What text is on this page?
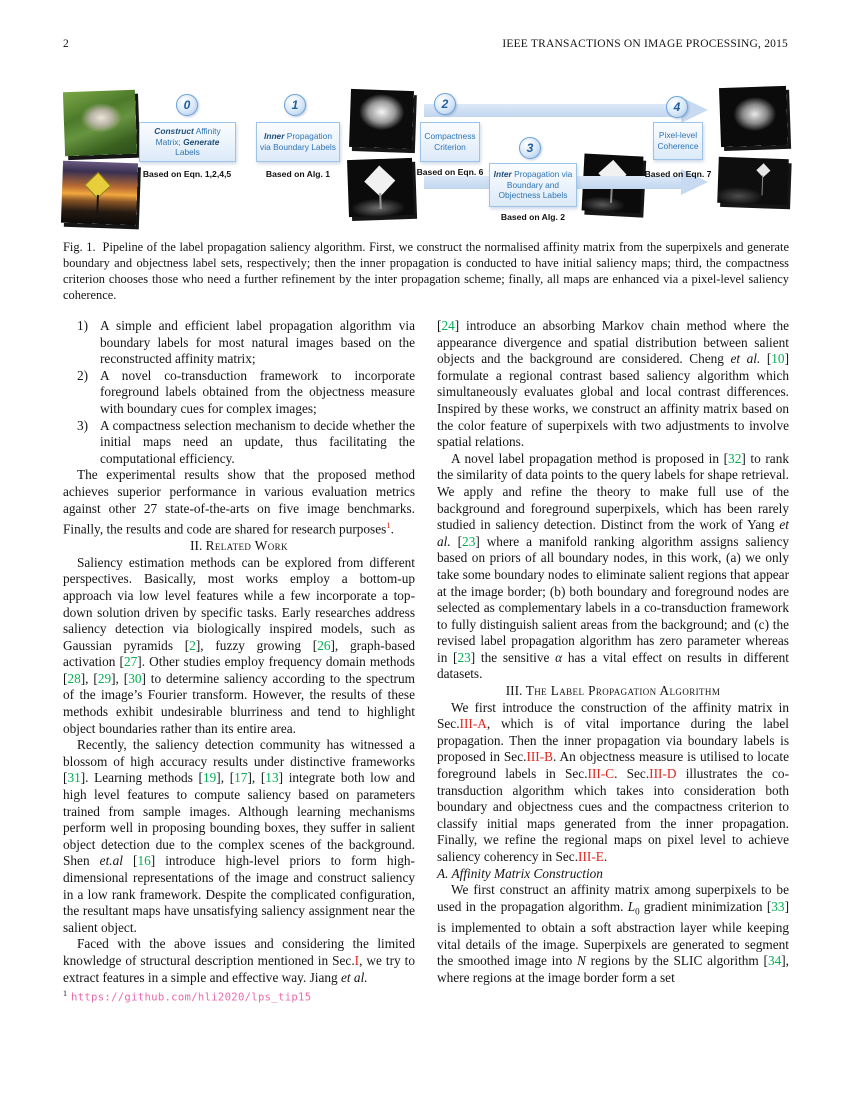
2	IEEE TRANSACTIONS ON IMAGE PROCESSING, 2015
0
Construct Affinity Matrix; Generate Labels
Based on Eqn. 1,2,4,5
1
Inner Propagation via Boundary Labels
Based on Alg. 1
2
Compactness Criterion
Based on Eqn. 6
3
Inter Propagation via Boundary and Objectness Labels
Based on Alg. 2
4
Pixel-level Coherence
Based on Eqn. 7

Fig. 1. Pipeline of the label propagation saliency algorithm. First, we construct the normalised affinity matrix from the superpixels and generate boundary and objectness label sets, respectively; then the inner propagation is conducted to have initial saliency maps; third, the compactness criterion chooses those who need a further refinement by the inter propagation scheme; finally, all maps are enhanced via a pixel-level saliency coherence.

1) A simple and efficient label propagation algorithm via boundary labels for most natural images based on the reconstructed affinity matrix;
2) A novel co-transduction framework to incorporate foreground labels obtained from the objectness measure with boundary cues for complex images;
3) A compactness selection mechanism to decide whether the initial maps need an update, thus facilitating the computational efficiency.

The experimental results show that the proposed method achieves superior performance in various evaluation metrics against other 27 state-of-the-arts on five image benchmarks. Finally, the results and code are shared for research purposes$^1$.

II. Related Work

Saliency estimation methods can be explored from different perspectives. Basically, most works employ a bottom-up approach via low level features while a few incorporate a top-down solution driven by specific tasks. Early researches address saliency detection via biologically inspired models, such as Gaussian pyramids [2], fuzzy growing [26], graph-based activation [27]. Other studies employ frequency domain methods [28], [29], [30] to determine saliency according to the spectrum of the image’s Fourier transform. However, the results of these methods exhibit undesirable blurriness and tend to highlight object boundaries rather than its entire area.

Recently, the saliency detection community has witnessed a blossom of high accuracy results under distinctive frameworks [31]. Learning methods [19], [17], [13] integrate both low and high level features to compute saliency based on parameters trained from sample images. Although learning mechanisms perform well in proposing bounding boxes, they suffer in salient object detection due to the complex scenes of the background. Shen et.al [16] introduce high-level priors to form high-dimensional representations of the image and construct saliency in a low rank framework. Despite the complicated configuration, the resultant maps have unsatisfying saliency assignment near the salient object.

Faced with the above issues and considering the limited knowledge of structural description mentioned in Sec.I, we try to extract features in a simple and effective way. Jiang et al.

$^1$ https://github.com/hli2020/lps_tip15

[24] introduce an absorbing Markov chain method where the appearance divergence and spatial distribution between salient objects and the background are considered. Cheng et al. [10] formulate a regional contrast based saliency algorithm which simultaneously evaluates global and local contrast differences. Inspired by these works, we construct an affinity matrix based on the color feature of superpixels with two adjustments to involve spatial relations.

A novel label propagation method is proposed in [32] to rank the similarity of data points to the query labels for shape retrieval. We apply and refine the theory to make full use of the background and foreground superpixels, which has been rarely studied in saliency detection. Distinct from the work of Yang et al. [23] where a manifold ranking algorithm assigns saliency based on priors of all boundary nodes, in this work, (a) we only take some boundary nodes to eliminate salient regions that appear at the image border; (b) both boundary and foreground nodes are selected as complementary labels in a co-transduction framework to fully distinguish salient areas from the background; and (c) the revised label propagation algorithm has zero parameter whereas in [23] the sensitive α has a vital effect on results in different datasets.

III. The Label Propagation Algorithm

We first introduce the construction of the affinity matrix in Sec.III-A, which is of vital importance during the label propagation. Then the inner propagation via boundary labels is proposed in Sec.III-B. An objectness measure is utilised to locate foreground labels in Sec.III-C. Sec.III-D illustrates the co-transduction algorithm which takes into consideration both boundary and objectness cues and the compactness criterion to classify initial maps generated from the inner propagation. Finally, we refine the regional maps on pixel level to achieve saliency coherency in Sec.III-E.

A. Affinity Matrix Construction

We first construct an affinity matrix among superpixels to be used in the propagation algorithm. $L_0$ gradient minimization [33] is implemented to obtain a soft abstraction layer while keeping vital details of the image. Superpixels are generated to segment the smoothed image into N regions by the SLIC algorithm [34], where regions at the image border form a set
